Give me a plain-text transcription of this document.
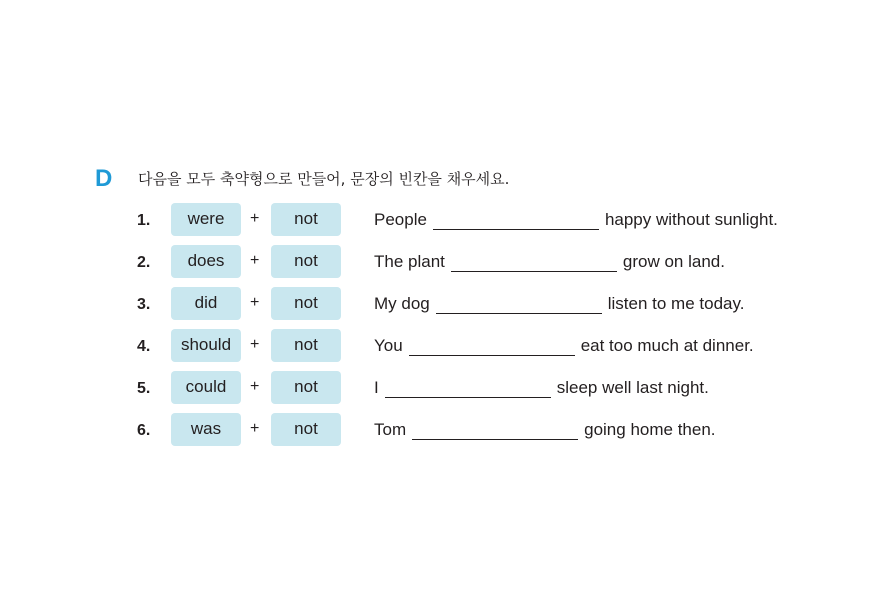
D 다음을 모두 축약형으로 만들어, 문장의 빈칸을 채우세요.
1.	were	+	not	People	happy without sunlight.
2.	does	+	not	The plant	grow on land.
3.	did	+	not	My dog	listen to me today.
4.	should	+	not	You	eat too much at dinner.
5.	could	+	not	I	sleep well last night.
6.	was	+	not	Tom	going home then.
